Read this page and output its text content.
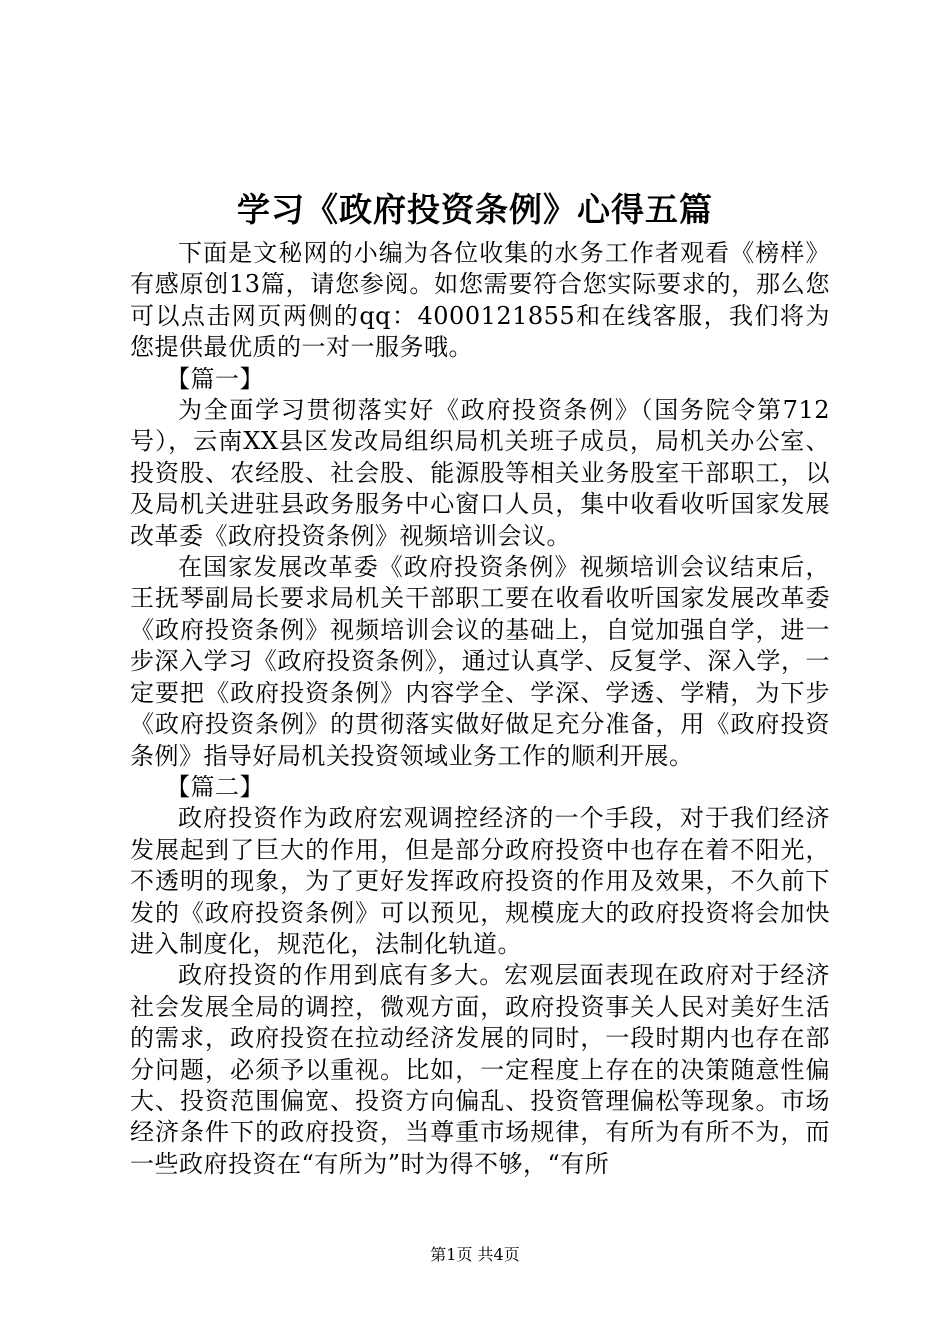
学习《政府投资条例》心得五篇

下面是文秘网的小编为各位收集的水务工作者观看《榜样》有感原创13篇，请您参阅。如您需要符合您实际要求的，那么您可以点击网页两侧的qq：4000121855和在线客服，我们将为您提供最优质的一对一服务哦。

【篇一】

为全面学习贯彻落实好《政府投资条例》（国务院令第712号），云南XX县区发改局组织局机关班子成员，局机关办公室、投资股、农经股、社会股、能源股等相关业务股室干部职工，以及局机关进驻县政务服务中心窗口人员，集中收看收听国家发展改革委《政府投资条例》视频培训会议。

在国家发展改革委《政府投资条例》视频培训会议结束后，王抚琴副局长要求局机关干部职工要在收看收听国家发展改革委《政府投资条例》视频培训会议的基础上，自觉加强自学，进一步深入学习《政府投资条例》，通过认真学、反复学、深入学，一定要把《政府投资条例》内容学全、学深、学透、学精，为下步《政府投资条例》的贯彻落实做好做足充分准备，用《政府投资条例》指导好局机关投资领域业务工作的顺利开展。

【篇二】

政府投资作为政府宏观调控经济的一个手段，对于我们经济发展起到了巨大的作用，但是部分政府投资中也存在着不阳光，不透明的现象，为了更好发挥政府投资的作用及效果，不久前下发的《政府投资条例》可以预见，规模庞大的政府投资将会加快进入制度化，规范化，法制化轨道。

政府投资的作用到底有多大。宏观层面表现在政府对于经济社会发展全局的调控，微观方面，政府投资事关人民对美好生活的需求，政府投资在拉动经济发展的同时，一段时期内也存在部分问题，必须予以重视。比如，一定程度上存在的决策随意性偏大、投资范围偏宽、投资方向偏乱、投资管理偏松等现象。市场经济条件下的政府投资，当尊重市场规律，有所为有所不为，而一些政府投资在“有所为”时为得不够，“有所

第1页 共4页
